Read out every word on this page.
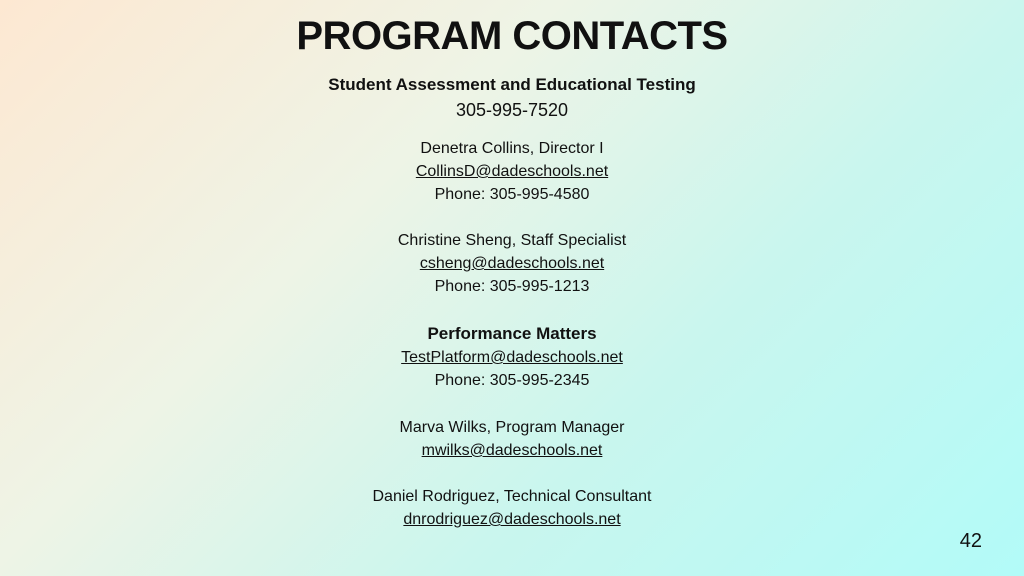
PROGRAM CONTACTS
Student Assessment and Educational Testing
305-995-7520
Denetra Collins, Director I
CollinsD@dadeschools.net
Phone: 305-995-4580
Christine Sheng, Staff Specialist
csheng@dadeschools.net
Phone: 305-995-1213
Performance Matters
TestPlatform@dadeschools.net
Phone: 305-995-2345
Marva Wilks, Program Manager
mwilks@dadeschools.net
Daniel Rodriguez, Technical Consultant
dnrodriguez@dadeschools.net
42
